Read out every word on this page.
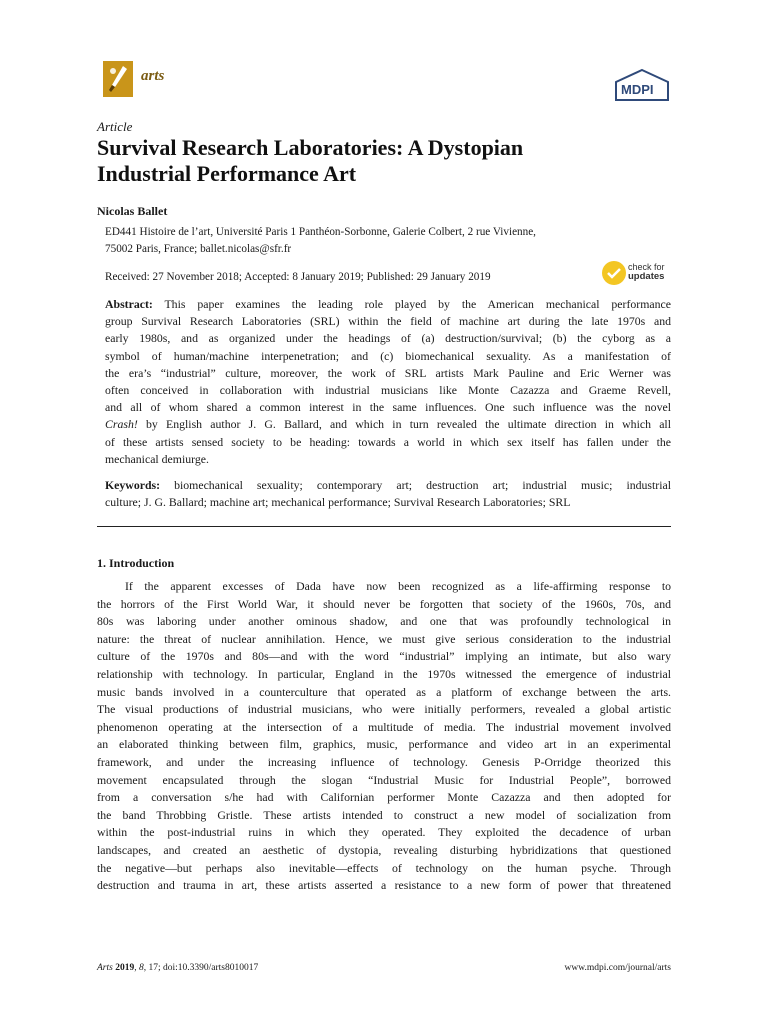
arts
MDPI
Article
Survival Research Laboratories: A Dystopian
Industrial Performance Art
Nicolas Ballet
ED441 Histoire de l’art, Université Paris 1 Panthéon-Sorbonne, Galerie Colbert, 2 rue Vivienne,
75002 Paris, France; ballet.nicolas@sfr.fr
Received: 27 November 2018; Accepted: 8 January 2019; Published: 29 January 2019
check for
updates
Abstract: This paper examines the leading role played by the American mechanical performance
group Survival Research Laboratories (SRL) within the field of machine art during the late 1970s and
early 1980s, and as organized under the headings of (a) destruction/survival; (b) the cyborg as a
symbol of human/machine interpenetration; and (c) biomechanical sexuality. As a manifestation of
the era’s “industrial” culture, moreover, the work of SRL artists Mark Pauline and Eric Werner was
often conceived in collaboration with industrial musicians like Monte Cazazza and Graeme Revell,
and all of whom shared a common interest in the same influences. One such influence was the novel
Crash! by English author J. G. Ballard, and which in turn revealed the ultimate direction in which all
of these artists sensed society to be heading: towards a world in which sex itself has fallen under the
mechanical demiurge.
Keywords: biomechanical sexuality; contemporary art; destruction art; industrial music; industrial
culture; J. G. Ballard; machine art; mechanical performance; Survival Research Laboratories; SRL
1. Introduction
If the apparent excesses of Dada have now been recognized as a life-affirming response to
the horrors of the First World War, it should never be forgotten that society of the 1960s, 70s, and
80s was laboring under another ominous shadow, and one that was profoundly technological in
nature: the threat of nuclear annihilation. Hence, we must give serious consideration to the industrial
culture of the 1970s and 80s—and with the word “industrial” implying an intimate, but also wary
relationship with technology. In particular, England in the 1970s witnessed the emergence of industrial
music bands involved in a counterculture that operated as a platform of exchange between the arts.
The visual productions of industrial musicians, who were initially performers, revealed a global artistic
phenomenon operating at the intersection of a multitude of media. The industrial movement involved
an elaborated thinking between film, graphics, music, performance and video art in an experimental
framework, and under the increasing influence of technology. Genesis P-Orridge theorized this
movement encapsulated through the slogan “Industrial Music for Industrial People”, borrowed
from a conversation s/he had with Californian performer Monte Cazazza and then adopted for
the band Throbbing Gristle. These artists intended to construct a new model of socialization from
within the post-industrial ruins in which they operated. They exploited the decadence of urban
landscapes, and created an aesthetic of dystopia, revealing disturbing hybridizations that questioned
the negative—but perhaps also inevitable—effects of technology on the human psyche. Through
destruction and trauma in art, these artists asserted a resistance to a new form of power that threatened
Arts 2019, 8, 17; doi:10.3390/arts8010017	www.mdpi.com/journal/arts
